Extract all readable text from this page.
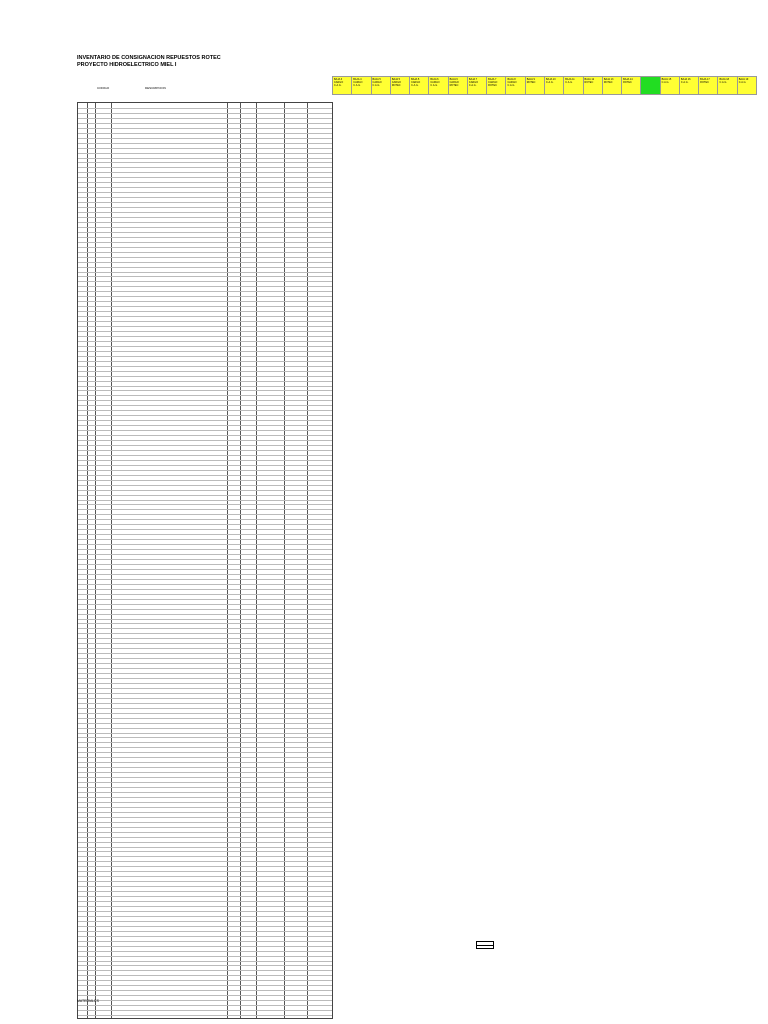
INVENTARIO DE CONSIGNACION REPUESTOS ROTEC
PROYECTO HIDROELECTRICO MIEL I
CODIGO	DESCRIPCION
BAJA 3
CARGO
C.A.G.
BAJA 4
CARGO
C.A.G.
BAJA 5
CARGO
C.A.G.
BAJA 5
CARGO
ROTEC
BAJA 5
CARGO
C.A.G.
BAJA 6
CARGO
C.A.G.
BAJA 6
CARGO
ROTEC
BAJA 7
CARGO
C.A.G.
BAJA 7
CARGO
ROTEC
BAJA 8
CARGO
C.A.G.
BAJA 9
ROTEC
BAJA 10
C.A.G.
BAJA 11
C.A.G.
BAJA 12
ROTEC
BAJA 13
ROTEC
BAJA 14
ROTEC
BAJA 15
C.A.G.
BAJA 16
C.A.G.
BAJA 17
ROTEC
BAJA 18
C.A.G.
BAJA 19
C.A.G.
MATERIALES
